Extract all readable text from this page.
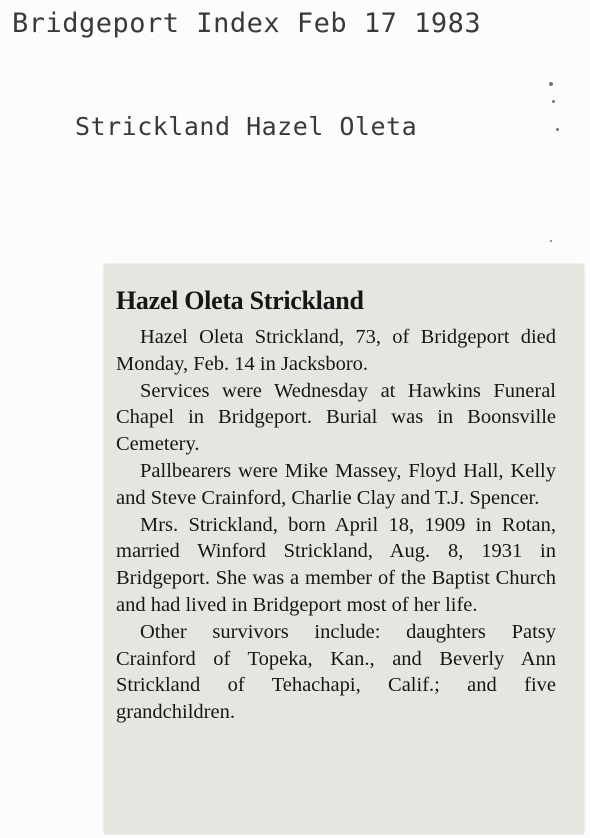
Bridgeport Index Feb 17 1983
Strickland Hazel Oleta
Hazel Oleta Strickland

Hazel Oleta Strickland, 73, of Bridgeport died Monday, Feb. 14 in Jacksboro.

Services were Wednesday at Hawkins Funeral Chapel in Bridgeport. Burial was in Boonsville Cemetery.

Pallbearers were Mike Massey, Floyd Hall, Kelly and Steve Crainford, Charlie Clay and T.J. Spencer.

Mrs. Strickland, born April 18, 1909 in Rotan, married Winford Strickland, Aug. 8, 1931 in Bridgeport. She was a member of the Baptist Church and had lived in Bridgeport most of her life.

Other survivors include: daughters Patsy Crainford of Topeka, Kan., and Beverly Ann Strickland of Tehachapi, Calif.; and five grandchildren.
